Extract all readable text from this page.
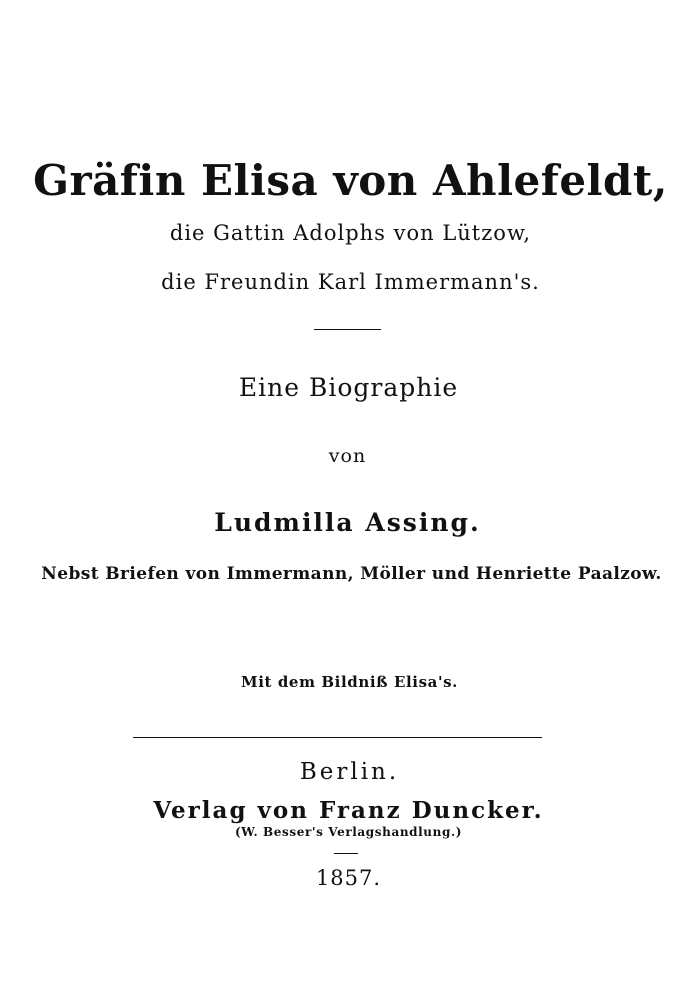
Gräfin Elisa von Ahlefeldt,
die Gattin Adolphs von Lützow,
die Freundin Karl Immermann's.
Eine Biographie
von
Ludmilla Assing.
Nebst Briefen von Immermann, Möller und Henriette Paalzow.
Mit dem Bildniß Elisa's.
Berlin.
Verlag von Franz Duncker.
(W. Besser's Verlagshandlung.)
1857.
